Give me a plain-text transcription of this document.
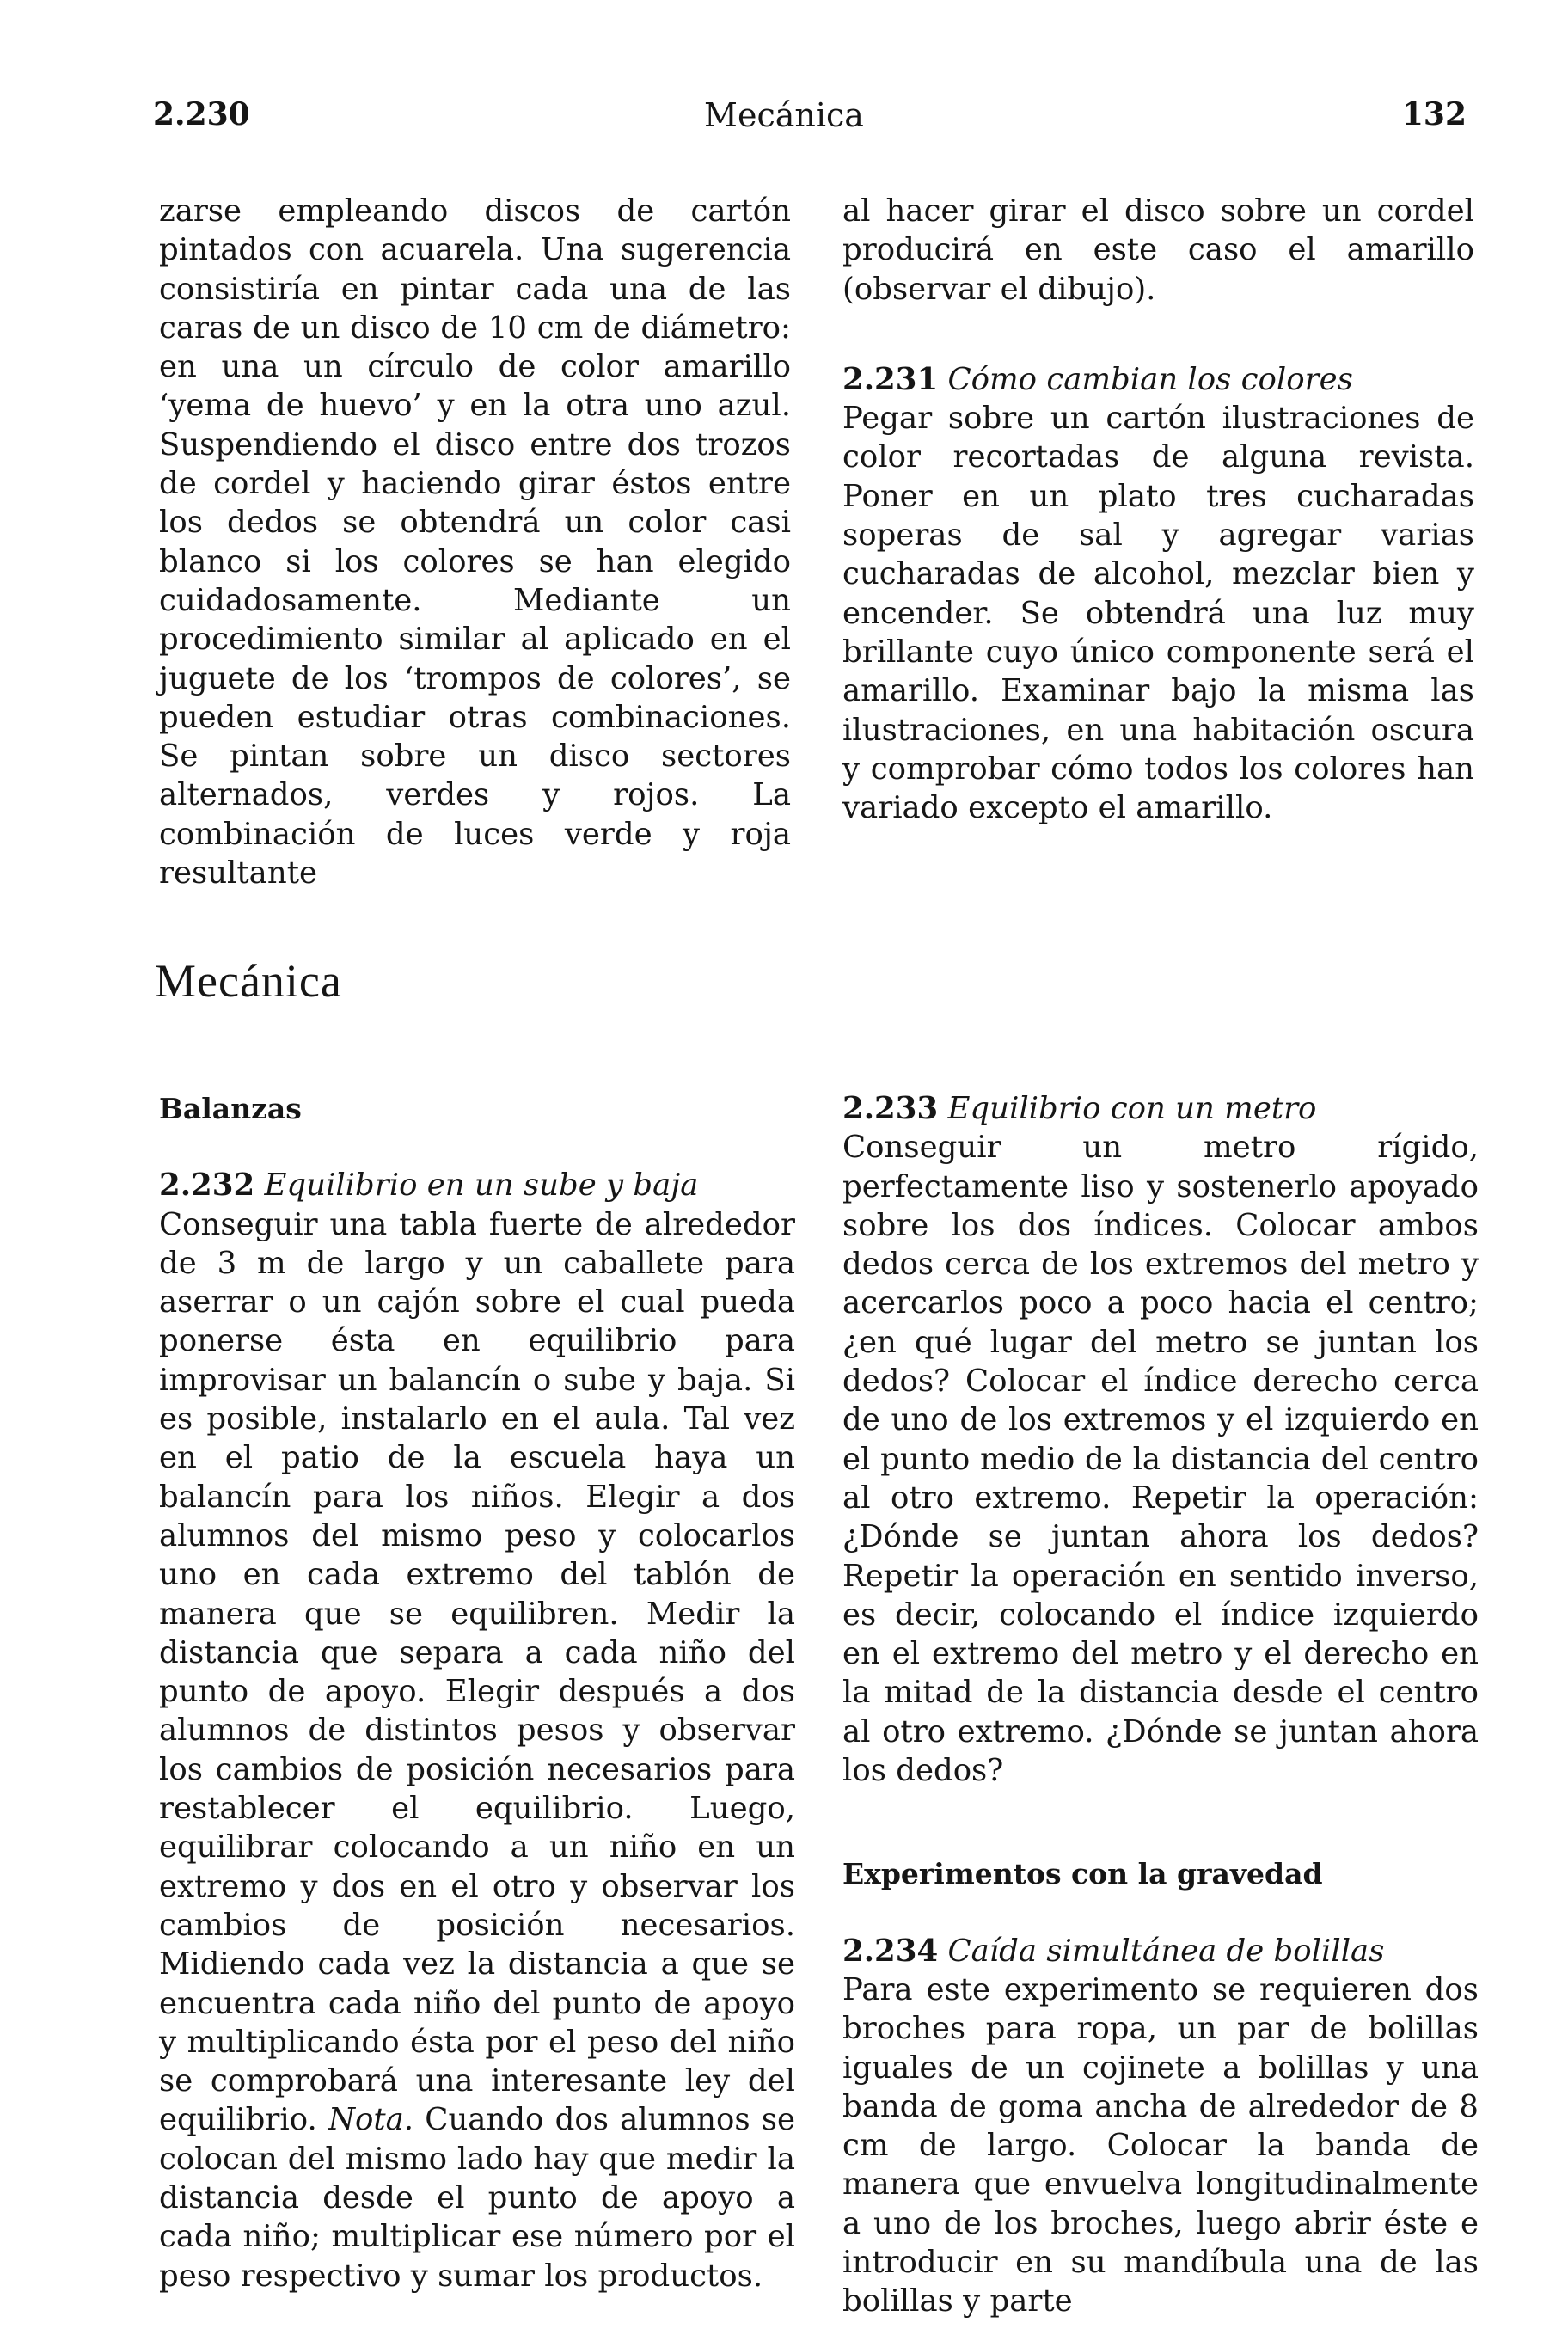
Mecánica
2.230	132

zarse empleando discos de cartón pintados con acuarela. Una sugerencia consistiría en pintar cada una de las caras de un disco de 10 cm de diámetro: en una un círculo de color amarillo ‘yema de huevo’ y en la otra uno azul. Suspendiendo el disco entre dos trozos de cordel y haciendo girar éstos entre los dedos se obtendrá un color casi blanco si los colores se han elegido cuidadosamente. Mediante un procedimiento similar al aplicado en el juguete de los ‘trompos de colores’, se pueden estudiar otras combinaciones. Se pintan sobre un disco sectores alternados, verdes y rojos. La combinación de luces verde y roja resultante

al hacer girar el disco sobre un cordel producirá en este caso el amarillo (observar el dibujo).

2.231 Cómo cambian los colores

Pegar sobre un cartón ilustraciones de color recortadas de alguna revista. Poner en un plato tres cucharadas soperas de sal y agregar varias cucharadas de alcohol, mezclar bien y encender. Se obtendrá una luz muy brillante cuyo único componente será el amarillo. Examinar bajo la misma las ilustraciones, en una habitación oscura y comprobar cómo todos los colores han variado excepto el amarillo.

Mecánica
Balanzas
2.232 Equilibrio en un sube y baja

Conseguir una tabla fuerte de alrededor de 3 m de largo y un caballete para aserrar o un cajón sobre el cual pueda ponerse ésta en equilibrio para improvisar un balancín o sube y baja. Si es posible, instalarlo en el aula. Tal vez en el patio de la escuela haya un balancín para los niños. Elegir a dos alumnos del mismo peso y colocarlos uno en cada extremo del tablón de manera que se equilibren. Medir la distancia que separa a cada niño del punto de apoyo. Elegir después a dos alumnos de distintos pesos y observar los cambios de posición necesarios para restablecer el equilibrio. Luego, equilibrar colocando a un niño en un extremo y dos en el otro y observar los cambios de posición necesarios. Midiendo cada vez la distancia a que se encuentra cada niño del punto de apoyo y multiplicando ésta por el peso del niño se comprobará una interesante ley del equilibrio. Nota. Cuando dos alumnos se colocan del mismo lado hay que medir la distancia desde el punto de apoyo a cada niño; multiplicar ese número por el peso respectivo y sumar los productos.

2.233 Equilibrio con un metro

Conseguir un metro rígido, perfectamente liso y sostenerlo apoyado sobre los dos índices. Colocar ambos dedos cerca de los extremos del metro y acercarlos poco a poco hacia el centro; ¿en qué lugar del metro se juntan los dedos? Colocar el índice derecho cerca de uno de los extremos y el izquierdo en el punto medio de la distancia del centro al otro extremo. Repetir la operación: ¿Dónde se juntan ahora los dedos? Repetir la operación en sentido inverso, es decir, colocando el índice izquierdo en el extremo del metro y el derecho en la mitad de la distancia desde el centro al otro extremo. ¿Dónde se juntan ahora los dedos?

Experimentos con la gravedad
2.234 Caída simultánea de bolillas

Para este experimento se requieren dos broches para ropa, un par de bolillas iguales de un cojinete a bolillas y una banda de goma ancha de alrededor de 8 cm de largo. Colocar la banda de manera que envuelva longitudinalmente a uno de los broches, luego abrir éste e introducir en su mandíbula una de las bolillas y parte
